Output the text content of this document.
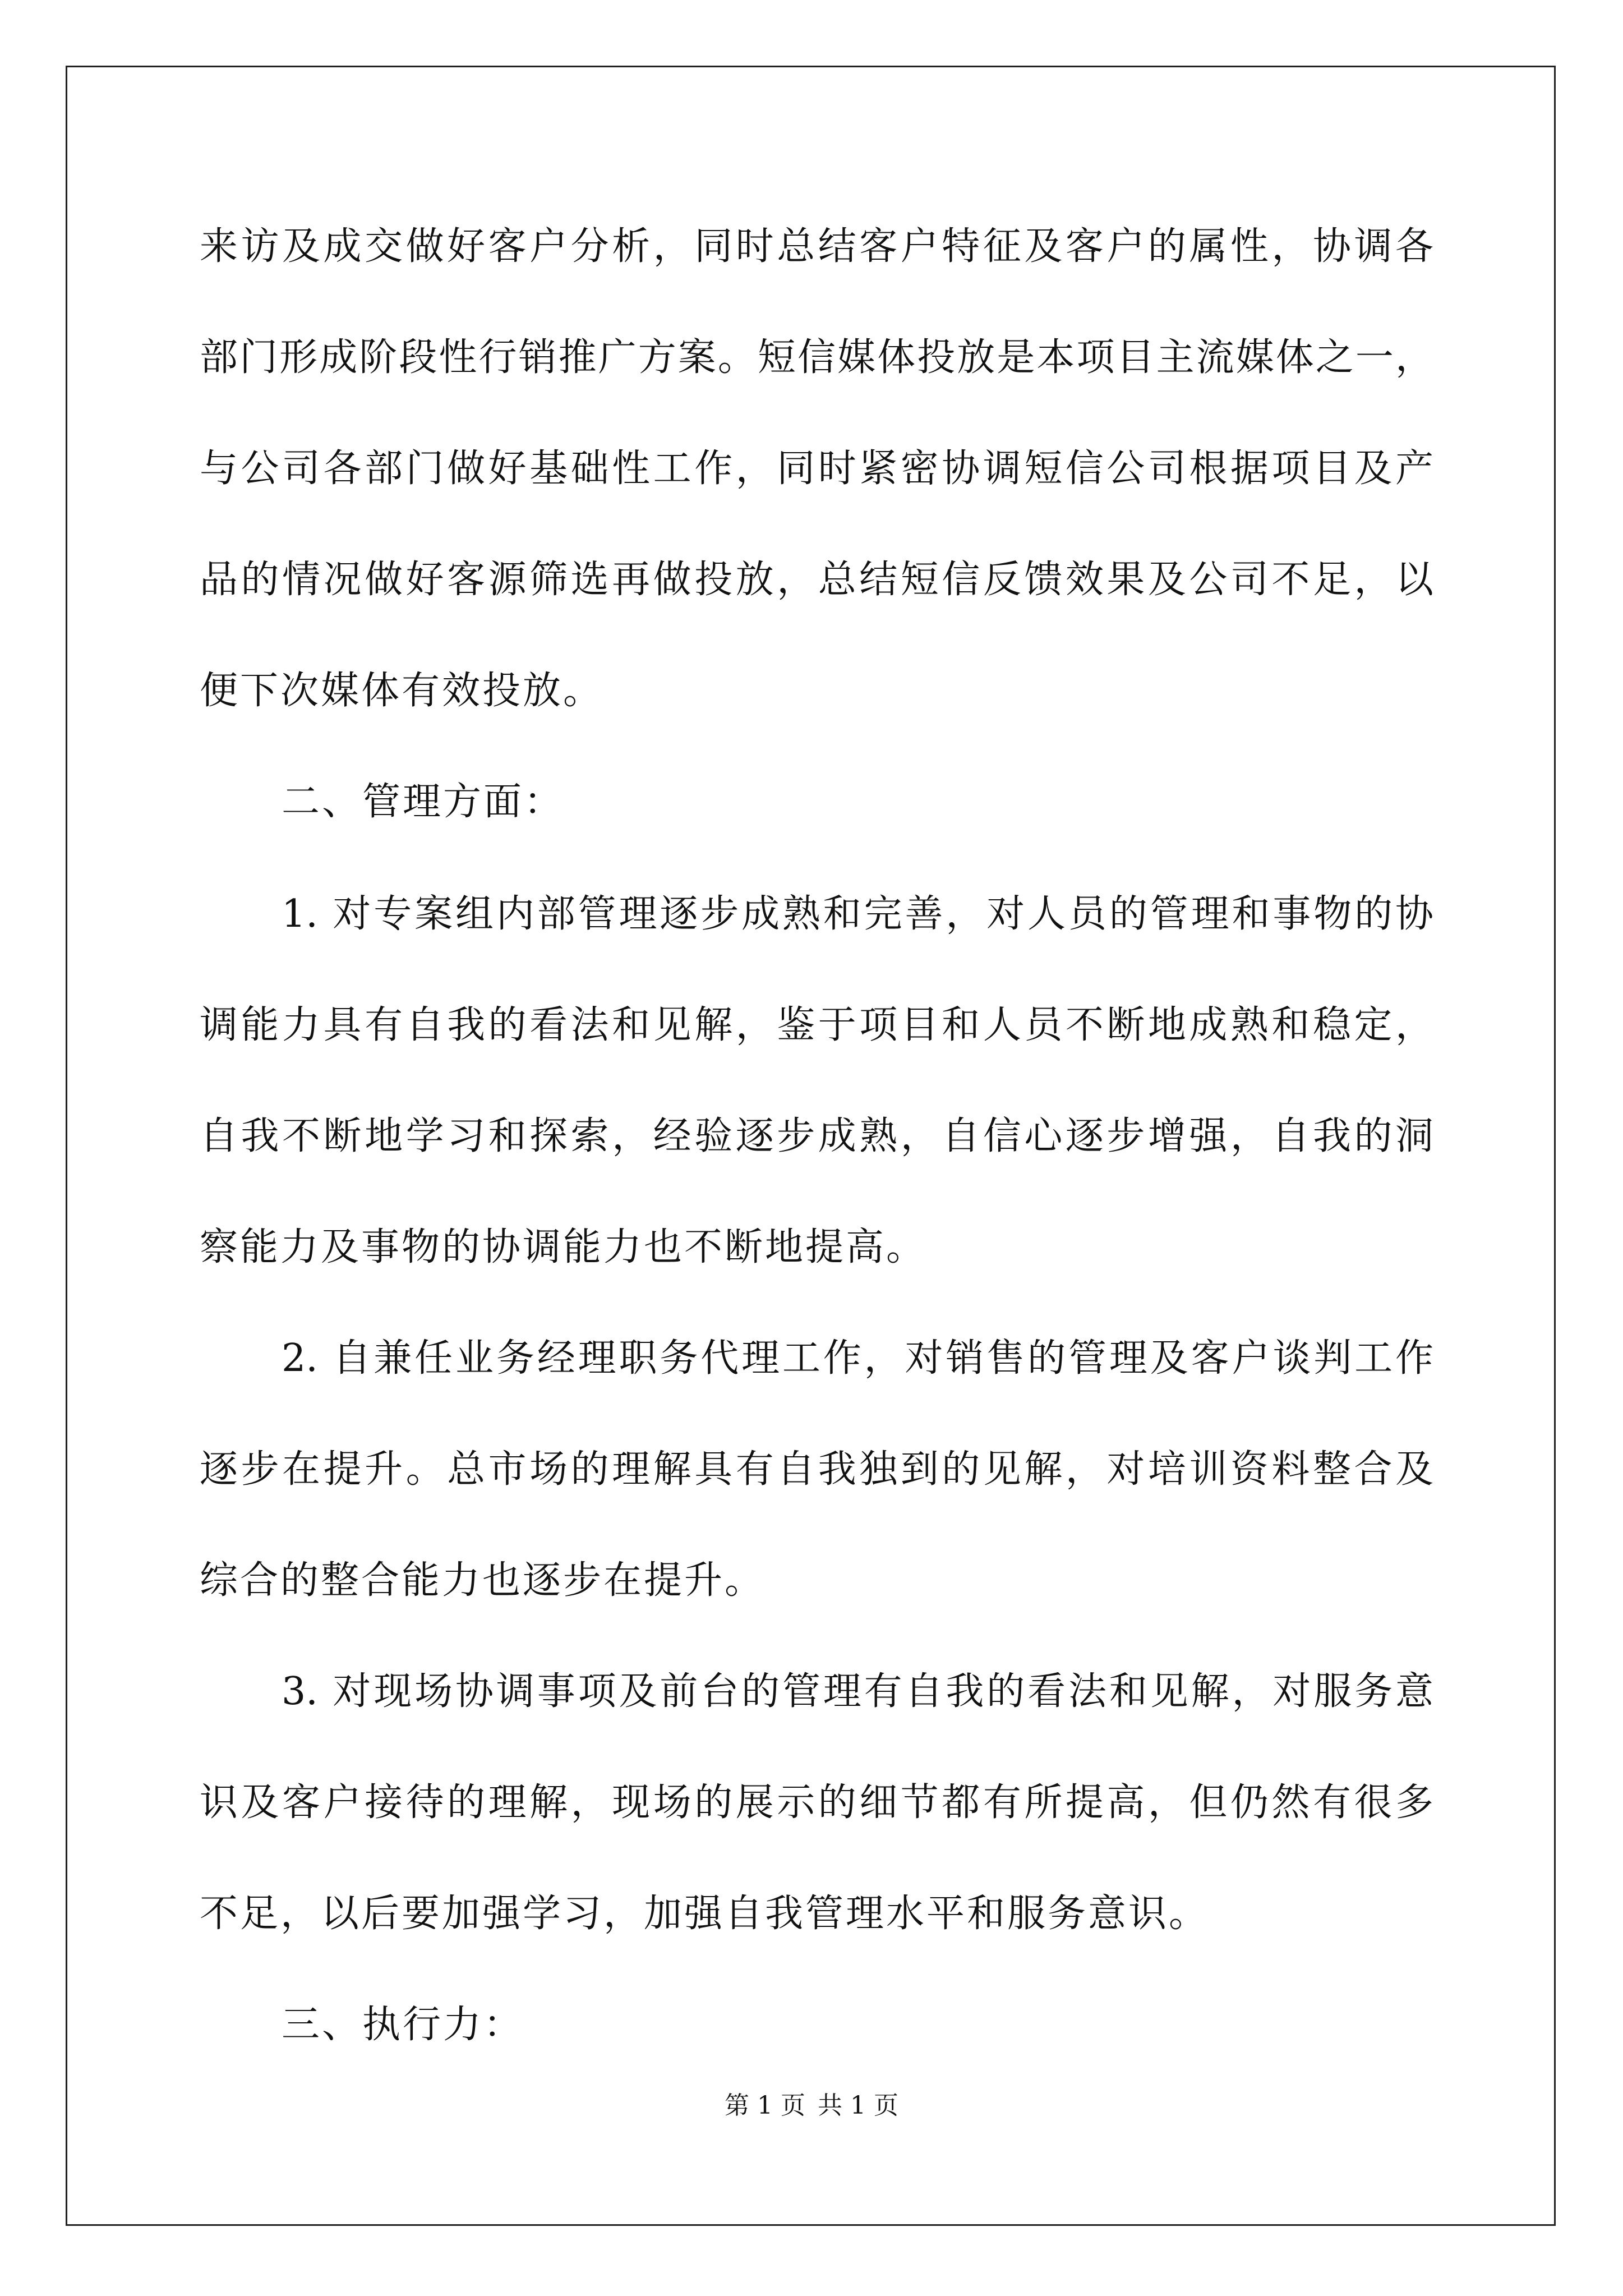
来访及成交做好客户分析，同时总结客户特征及客户的属性，协调各
部门形成阶段性行销推广方案。短信媒体投放是本项目主流媒体之一，
与公司各部门做好基础性工作，同时紧密协调短信公司根据项目及产
品的情况做好客源筛选再做投放，总结短信反馈效果及公司不足，以
便下次媒体有效投放。
二、管理方面：
1. 对专案组内部管理逐步成熟和完善，对人员的管理和事物的协
调能力具有自我的看法和见解，鉴于项目和人员不断地成熟和稳定，
自我不断地学习和探索，经验逐步成熟，自信心逐步增强，自我的洞
察能力及事物的协调能力也不断地提高。
2. 自兼任业务经理职务代理工作，对销售的管理及客户谈判工作
逐步在提升。总市场的理解具有自我独到的见解，对培训资料整合及
综合的整合能力也逐步在提升。
3. 对现场协调事项及前台的管理有自我的看法和见解，对服务意
识及客户接待的理解，现场的展示的细节都有所提高，但仍然有很多
不足，以后要加强学习，加强自我管理水平和服务意识。
三、执行力：
第 1 页 共 1 页
